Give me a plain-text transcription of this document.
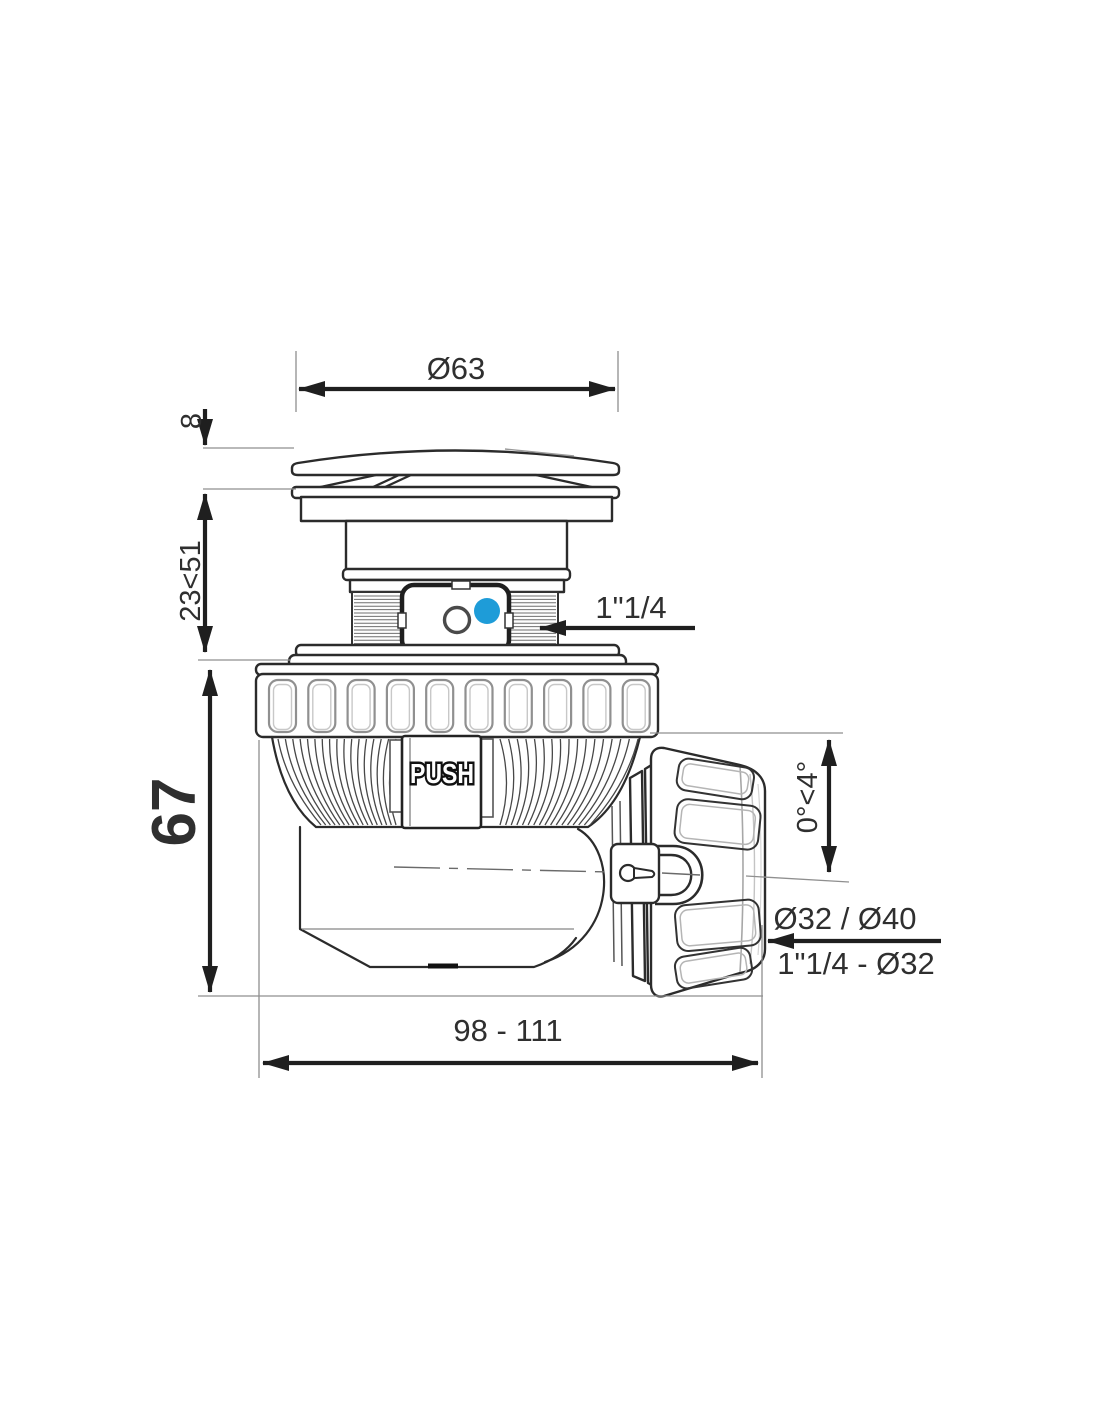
PUSH
Ø63
8
23<51
67
1"1/4
0°<4°
Ø32 / Ø40
1"1/4 - Ø32
98 - 111
